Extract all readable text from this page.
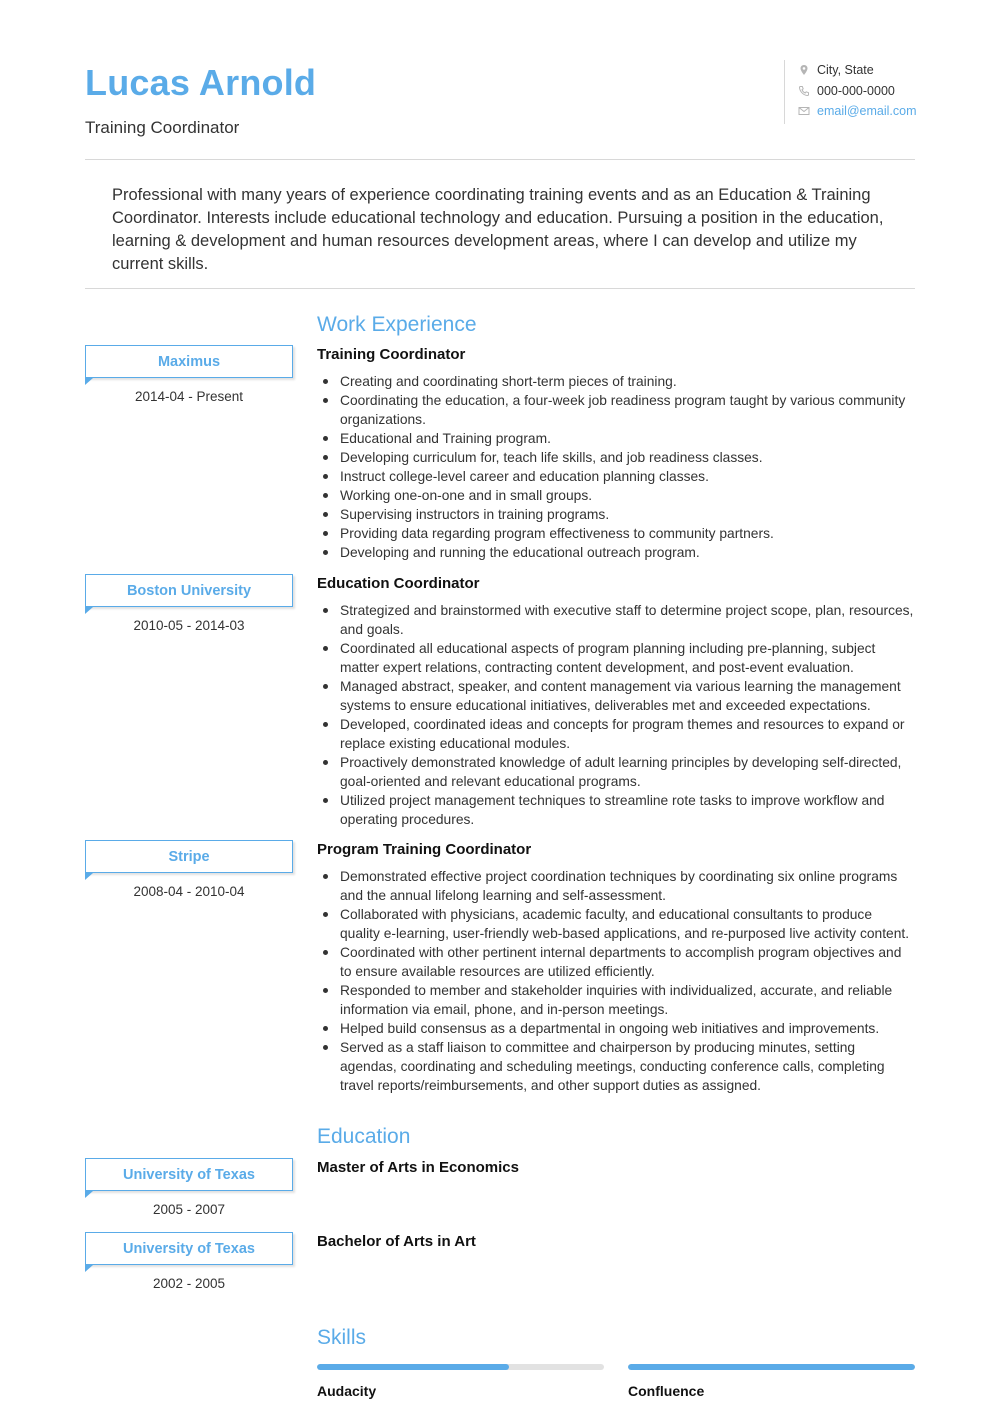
Lucas Arnold
Training Coordinator
City, State
000-000-0000
email@email.com

Professional with many years of experience coordinating training events and as an Education & Training Coordinator. Interests include educational technology and education. Pursuing a position in the education, learning & development and human resources development areas, where I can develop and utilize my current skills.

Work Experience
Maximus
2014-04 - Present
Training Coordinator
Creating and coordinating short-term pieces of training.
Coordinating the education, a four-week job readiness program taught by various community organizations.
Educational and Training program.
Developing curriculum for, teach life skills, and job readiness classes.
Instruct college-level career and education planning classes.
Working one-on-one and in small groups.
Supervising instructors in training programs.
Providing data regarding program effectiveness to community partners.
Developing and running the educational outreach program.
Boston University
2010-05 - 2014-03
Education Coordinator
Strategized and brainstormed with executive staff to determine project scope, plan, resources, and goals.
Coordinated all educational aspects of program planning including pre-planning, subject matter expert relations, contracting content development, and post-event evaluation.
Managed abstract, speaker, and content management via various learning the management systems to ensure educational initiatives, deliverables met and exceeded expectations.
Developed, coordinated ideas and concepts for program themes and resources to expand or replace existing educational modules.
Proactively demonstrated knowledge of adult learning principles by developing self-directed, goal-oriented and relevant educational programs.
Utilized project management techniques to streamline rote tasks to improve workflow and operating procedures.
Stripe
2008-04 - 2010-04
Program Training Coordinator
Demonstrated effective project coordination techniques by coordinating six online programs and the annual lifelong learning and self-assessment.
Collaborated with physicians, academic faculty, and educational consultants to produce quality e-learning, user-friendly web-based applications, and re-purposed live activity content.
Coordinated with other pertinent internal departments to accomplish program objectives and to ensure available resources are utilized efficiently.
Responded to member and stakeholder inquiries with individualized, accurate, and reliable information via email, phone, and in-person meetings.
Helped build consensus as a departmental in ongoing web initiatives and improvements.
Served as a staff liaison to committee and chairperson by producing minutes, setting agendas, coordinating and scheduling meetings, conducting conference calls, completing travel reports/reimbursements, and other support duties as assigned.
Education
University of Texas
2005 - 2007
Master of Arts in Economics
University of Texas
2002 - 2005
Bachelor of Arts in Art
Skills
Audacity	Confluence
